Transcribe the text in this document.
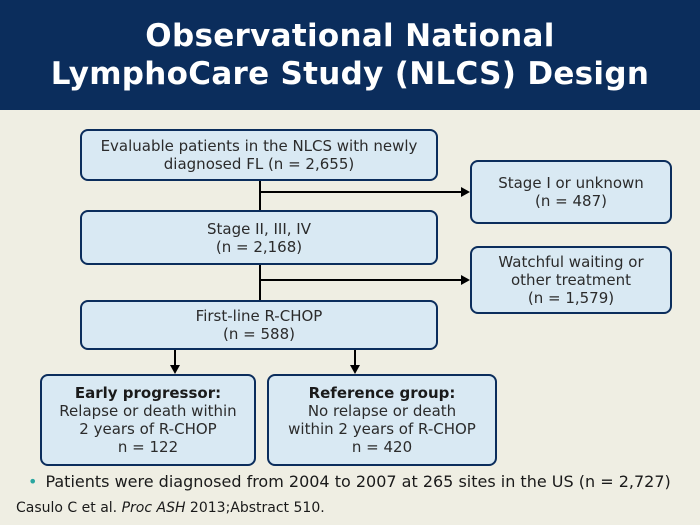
Observational National
LymphoCare Study (NLCS) Design
Evaluable patients in the NLCS with newly
diagnosed FL (n = 2,655)
Stage I or unknown
(n = 487)
Stage II, III, IV
(n = 2,168)
Watchful waiting or
other treatment
(n = 1,579)
First-line R-CHOP
(n = 588)
Early progressor:
Relapse or death within
2 years of R-CHOP
n = 122
Reference group:
No relapse or death
within 2 years of R-CHOP
n = 420
• Patients were diagnosed from 2004 to 2007 at 265 sites in the US (n = 2,727)
Casulo C et al. Proc ASH 2013;Abstract 510.
